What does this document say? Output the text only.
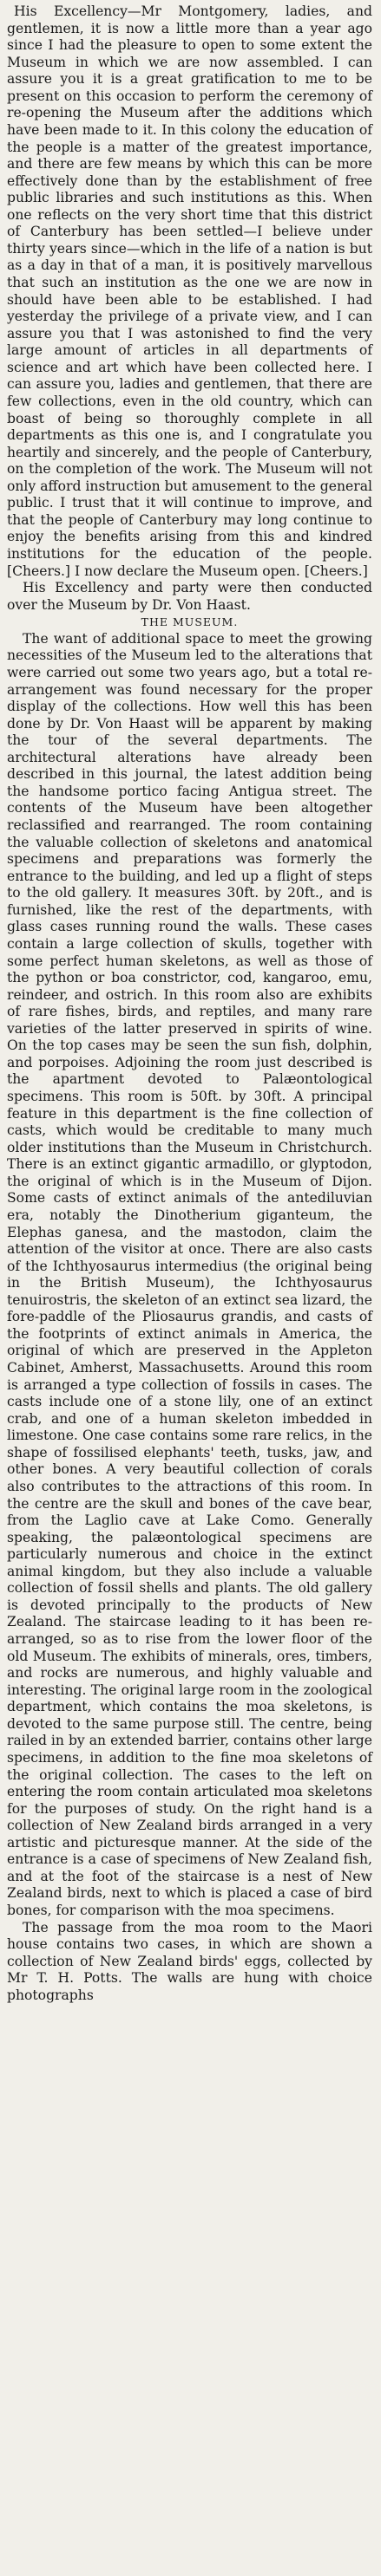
His Excellency—Mr Montgomery, ladies, and gentlemen, it is now a little more than a year ago since I had the pleasure to open to some extent the Museum in which we are now assembled. I can assure you it is a great gratification to me to be present on this occasion to perform the ceremony of re-opening the Museum after the additions which have been made to it. In this colony the education of the people is a matter of the greatest importance, and there are few means by which this can be more effectively done than by the establishment of free public libraries and such institutions as this. When one reflects on the very short time that this district of Canterbury has been settled—I believe under thirty years since—which in the life of a nation is but as a day in that of a man, it is positively marvellous that such an institution as the one we are now in should have been able to be established. I had yesterday the privilege of a private view, and I can assure you that I was astonished to find the very large amount of articles in all departments of science and art which have been collected here. I can assure you, ladies and gentlemen, that there are few collections, even in the old country, which can boast of being so thoroughly complete in all departments as this one is, and I congratulate you heartily and sincerely, and the people of Canterbury, on the completion of the work. The Museum will not only afford instruction but amusement to the general public. I trust that it will continue to improve, and that the people of Canterbury may long continue to enjoy the benefits arising from this and kindred institutions for the education of the people. [Cheers.] I now declare the Museum open. [Cheers.]

His Excellency and party were then conducted over the Museum by Dr. Von Haast.

THE MUSEUM.

The want of additional space to meet the growing necessities of the Museum led to the alterations that were carried out some two years ago, but a total re-arrangement was found necessary for the proper display of the collections. How well this has been done by Dr. Von Haast will be apparent by making the tour of the several departments. The architectural alterations have already been described in this journal, the latest addition being the handsome portico facing Antigua street. The contents of the Museum have been altogether reclassified and rearranged. The room containing the valuable collection of skeletons and anatomical specimens and preparations was formerly the entrance to the building, and led up a flight of steps to the old gallery. It measures 30ft. by 20ft., and is furnished, like the rest of the departments, with glass cases running round the walls. These cases contain a large collection of skulls, together with some perfect human skeletons, as well as those of the python or boa constrictor, cod, kangaroo, emu, reindeer, and ostrich. In this room also are exhibits of rare fishes, birds, and reptiles, and many rare varieties of the latter preserved in spirits of wine. On the top cases may be seen the sun fish, dolphin, and porpoises. Adjoining the room just described is the apartment devoted to Palæontological specimens. This room is 50ft. by 30ft. A principal feature in this department is the fine collection of casts, which would be creditable to many much older institutions than the Museum in Christchurch. There is an extinct gigantic armadillo, or glyptodon, the original of which is in the Museum of Dijon. Some casts of extinct animals of the antediluvian era, notably the Dinotherium giganteum, the Elephas ganesa, and the mastodon, claim the attention of the visitor at once. There are also casts of the Ichthyosaurus intermedius (the original being in the British Museum), the Ichthyosaurus tenuirostris, the skeleton of an extinct sea lizard, the fore-paddle of the Pliosaurus grandis, and casts of the footprints of extinct animals in America, the original of which are preserved in the Appleton Cabinet, Amherst, Massachusetts. Around this room is arranged a type collection of fossils in cases. The casts include one of a stone lily, one of an extinct crab, and one of a human skeleton imbedded in limestone. One case contains some rare relics, in the shape of fossilised elephants' teeth, tusks, jaw, and other bones. A very beautiful collection of corals also contributes to the attractions of this room. In the centre are the skull and bones of the cave bear, from the Laglio cave at Lake Como. Generally speaking, the palæontological specimens are particularly numerous and choice in the extinct animal kingdom, but they also include a valuable collection of fossil shells and plants. The old gallery is devoted principally to the products of New Zealand. The staircase leading to it has been re-arranged, so as to rise from the lower floor of the old Museum. The exhibits of minerals, ores, timbers, and rocks are numerous, and highly valuable and interesting. The original large room in the zoological department, which contains the moa skeletons, is devoted to the same purpose still. The centre, being railed in by an extended barrier, contains other large specimens, in addition to the fine moa skeletons of the original collection. The cases to the left on entering the room contain articulated moa skeletons for the purposes of study. On the right hand is a collection of New Zealand birds arranged in a very artistic and picturesque manner. At the side of the entrance is a case of specimens of New Zealand fish, and at the foot of the staircase is a nest of New Zealand birds, next to which is placed a case of bird bones, for comparison with the moa specimens.

The passage from the moa room to the Maori house contains two cases, in which are shown a collection of New Zealand birds' eggs, collected by Mr T. H. Potts. The walls are hung with choice photographs
